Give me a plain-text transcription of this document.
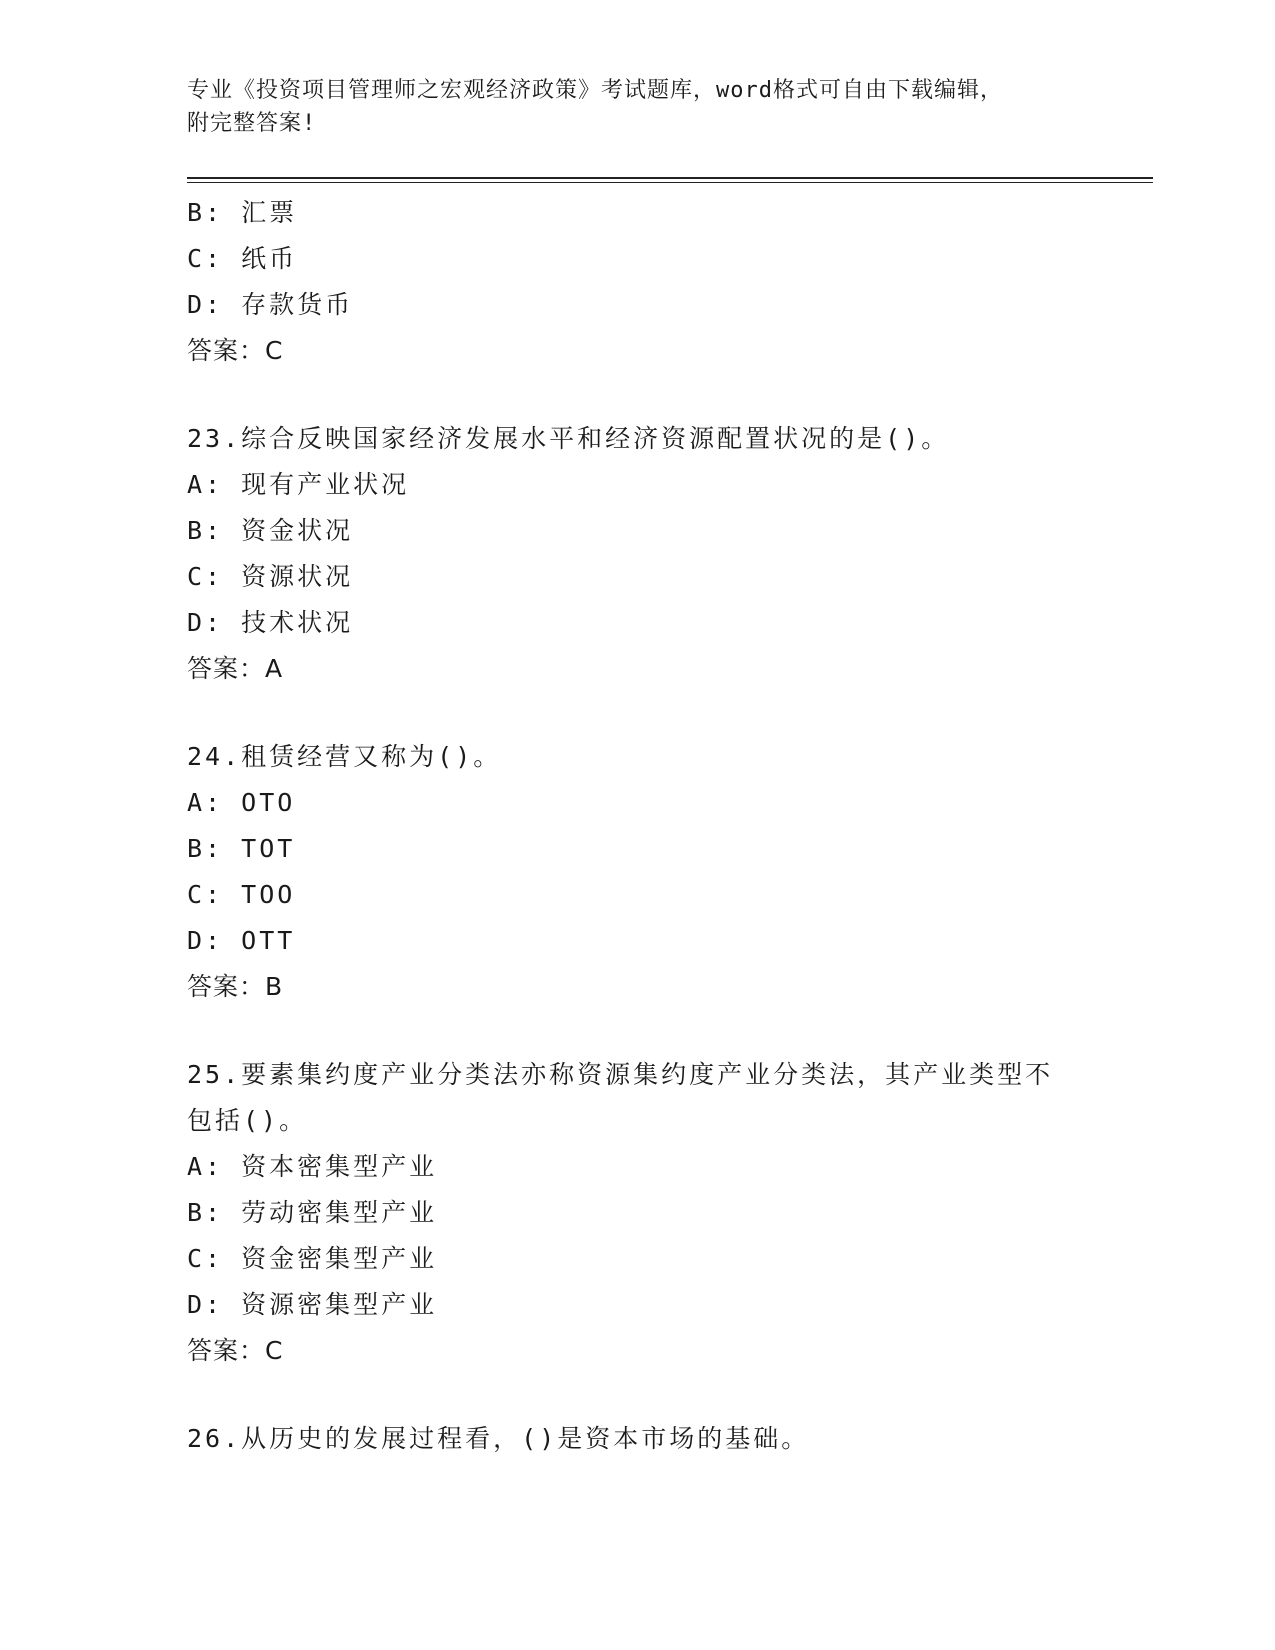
专业《投资项目管理师之宏观经济政策》考试题库，word格式可自由下载编辑，
附完整答案!
B: 汇票
C: 纸币
D: 存款货币
答案：C
23.综合反映国家经济发展水平和经济资源配置状况的是()。
A: 现有产业状况
B: 资金状况
C: 资源状况
D: 技术状况
答案：A
24.租赁经营又称为()。
A: OTO
B: TOT
C: TOO
D: OTT
答案：B
25.要素集约度产业分类法亦称资源集约度产业分类法，其产业类型不
包括()。
A: 资本密集型产业
B: 劳动密集型产业
C: 资金密集型产业
D: 资源密集型产业
答案：C
26.从历史的发展过程看，()是资本市场的基础。
